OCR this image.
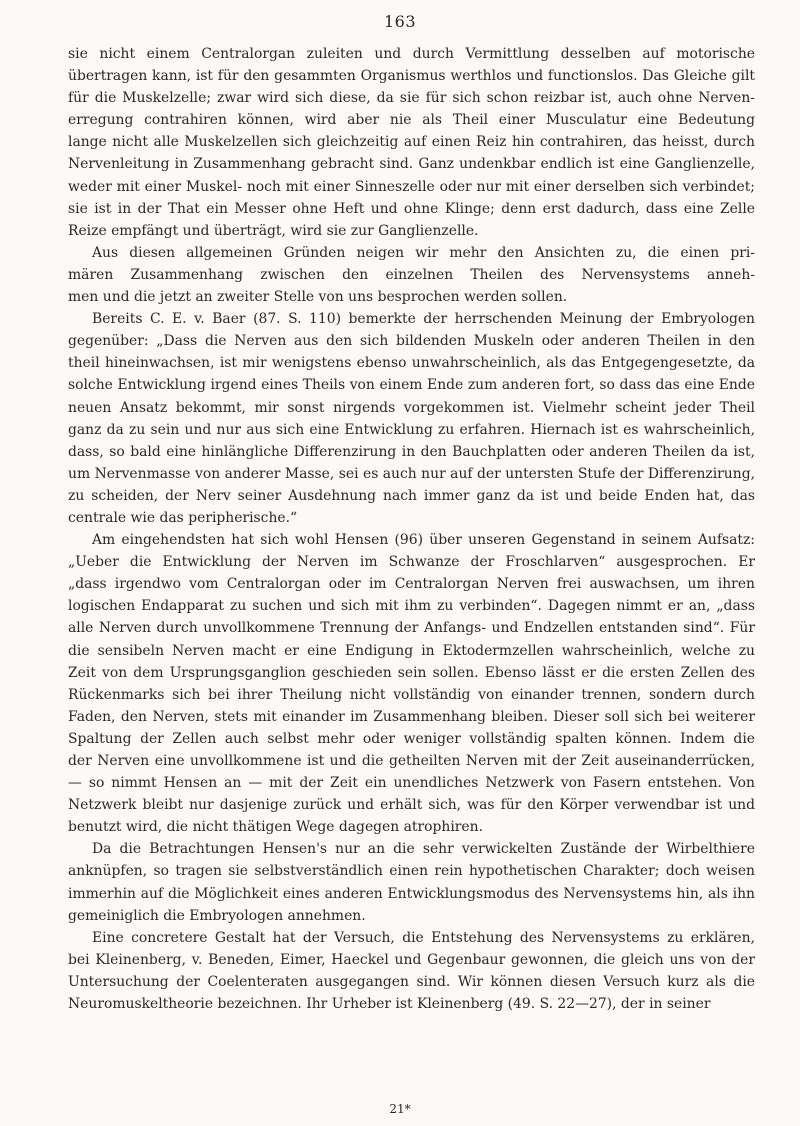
163
sie nicht einem Centralorgan zuleiten und durch Vermittlung desselben auf motorische
übertragen kann, ist für den gesammten Organismus werthlos und functionslos. Das Gleiche gilt
für die Muskelzelle; zwar wird sich diese, da sie für sich schon reizbar ist, auch ohne Nerven-
erregung contrahiren können, wird aber nie als Theil einer Musculatur eine Bedeutung
lange nicht alle Muskelzellen sich gleichzeitig auf einen Reiz hin contrahiren, das heisst, durch
Nervenleitung in Zusammenhang gebracht sind. Ganz undenkbar endlich ist eine Ganglienzelle,
weder mit einer Muskel- noch mit einer Sinneszelle oder nur mit einer derselben sich verbindet;
sie ist in der That ein Messer ohne Heft und ohne Klinge; denn erst dadurch, dass eine Zelle
Reize empfängt und überträgt, wird sie zur Ganglienzelle.
Aus diesen allgemeinen Gründen neigen wir mehr den Ansichten zu, die einen pri-
mären Zusammenhang zwischen den einzelnen Theilen des Nervensystems anneh-
men und die jetzt an zweiter Stelle von uns besprochen werden sollen.
Bereits C. E. v. Baer (87. S. 110) bemerkte der herrschenden Meinung der Embryologen
gegenüber: „Dass die Nerven aus den sich bildenden Muskeln oder anderen Theilen in den
theil hineinwachsen, ist mir wenigstens ebenso unwahrscheinlich, als das Entgegengesetzte, da
solche Entwicklung irgend eines Theils von einem Ende zum anderen fort, so dass das eine Ende
neuen Ansatz bekommt, mir sonst nirgends vorgekommen ist. Vielmehr scheint jeder Theil
ganz da zu sein und nur aus sich eine Entwicklung zu erfahren. Hiernach ist es wahrscheinlich,
dass, so bald eine hinlängliche Differenzirung in den Bauchplatten oder anderen Theilen da ist,
um Nervenmasse von anderer Masse, sei es auch nur auf der untersten Stufe der Differenzirung,
zu scheiden, der Nerv seiner Ausdehnung nach immer ganz da ist und beide Enden hat, das
centrale wie das peripherische.“
Am eingehendsten hat sich wohl Hensen (96) über unseren Gegenstand in seinem Aufsatz:
„Ueber die Entwicklung der Nerven im Schwanze der Froschlarven“ ausgesprochen. Er
„dass irgendwo vom Centralorgan oder im Centralorgan Nerven frei auswachsen, um ihren
logischen Endapparat zu suchen und sich mit ihm zu verbinden“. Dagegen nimmt er an, „dass
alle Nerven durch unvollkommene Trennung der Anfangs- und Endzellen entstanden sind“. Für
die sensibeln Nerven macht er eine Endigung in Ektodermzellen wahrscheinlich, welche zu
Zeit von dem Ursprungsganglion geschieden sein sollen. Ebenso lässt er die ersten Zellen des
Rückenmarks sich bei ihrer Theilung nicht vollständig von einander trennen, sondern durch
Faden, den Nerven, stets mit einander im Zusammenhang bleiben. Dieser soll sich bei weiterer
Spaltung der Zellen auch selbst mehr oder weniger vollständig spalten können. Indem die
der Nerven eine unvollkommene ist und die getheilten Nerven mit der Zeit auseinanderrücken,
— so nimmt Hensen an — mit der Zeit ein unendliches Netzwerk von Fasern entstehen. Von
Netzwerk bleibt nur dasjenige zurück und erhält sich, was für den Körper verwendbar ist und
benutzt wird, die nicht thätigen Wege dagegen atrophiren.
Da die Betrachtungen Hensen's nur an die sehr verwickelten Zustände der Wirbelthiere
anknüpfen, so tragen sie selbstverständlich einen rein hypothetischen Charakter; doch weisen
immerhin auf die Möglichkeit eines anderen Entwicklungsmodus des Nervensystems hin, als ihn
gemeiniglich die Embryologen annehmen.
Eine concretere Gestalt hat der Versuch, die Entstehung des Nervensystems zu erklären,
bei Kleinenberg, v. Beneden, Eimer, Haeckel und Gegenbaur gewonnen, die gleich uns von der
Untersuchung der Coelenteraten ausgegangen sind. Wir können diesen Versuch kurz als die
Neuromuskeltheorie bezeichnen. Ihr Urheber ist Kleinenberg (49. S. 22—27), der in seiner
21*
